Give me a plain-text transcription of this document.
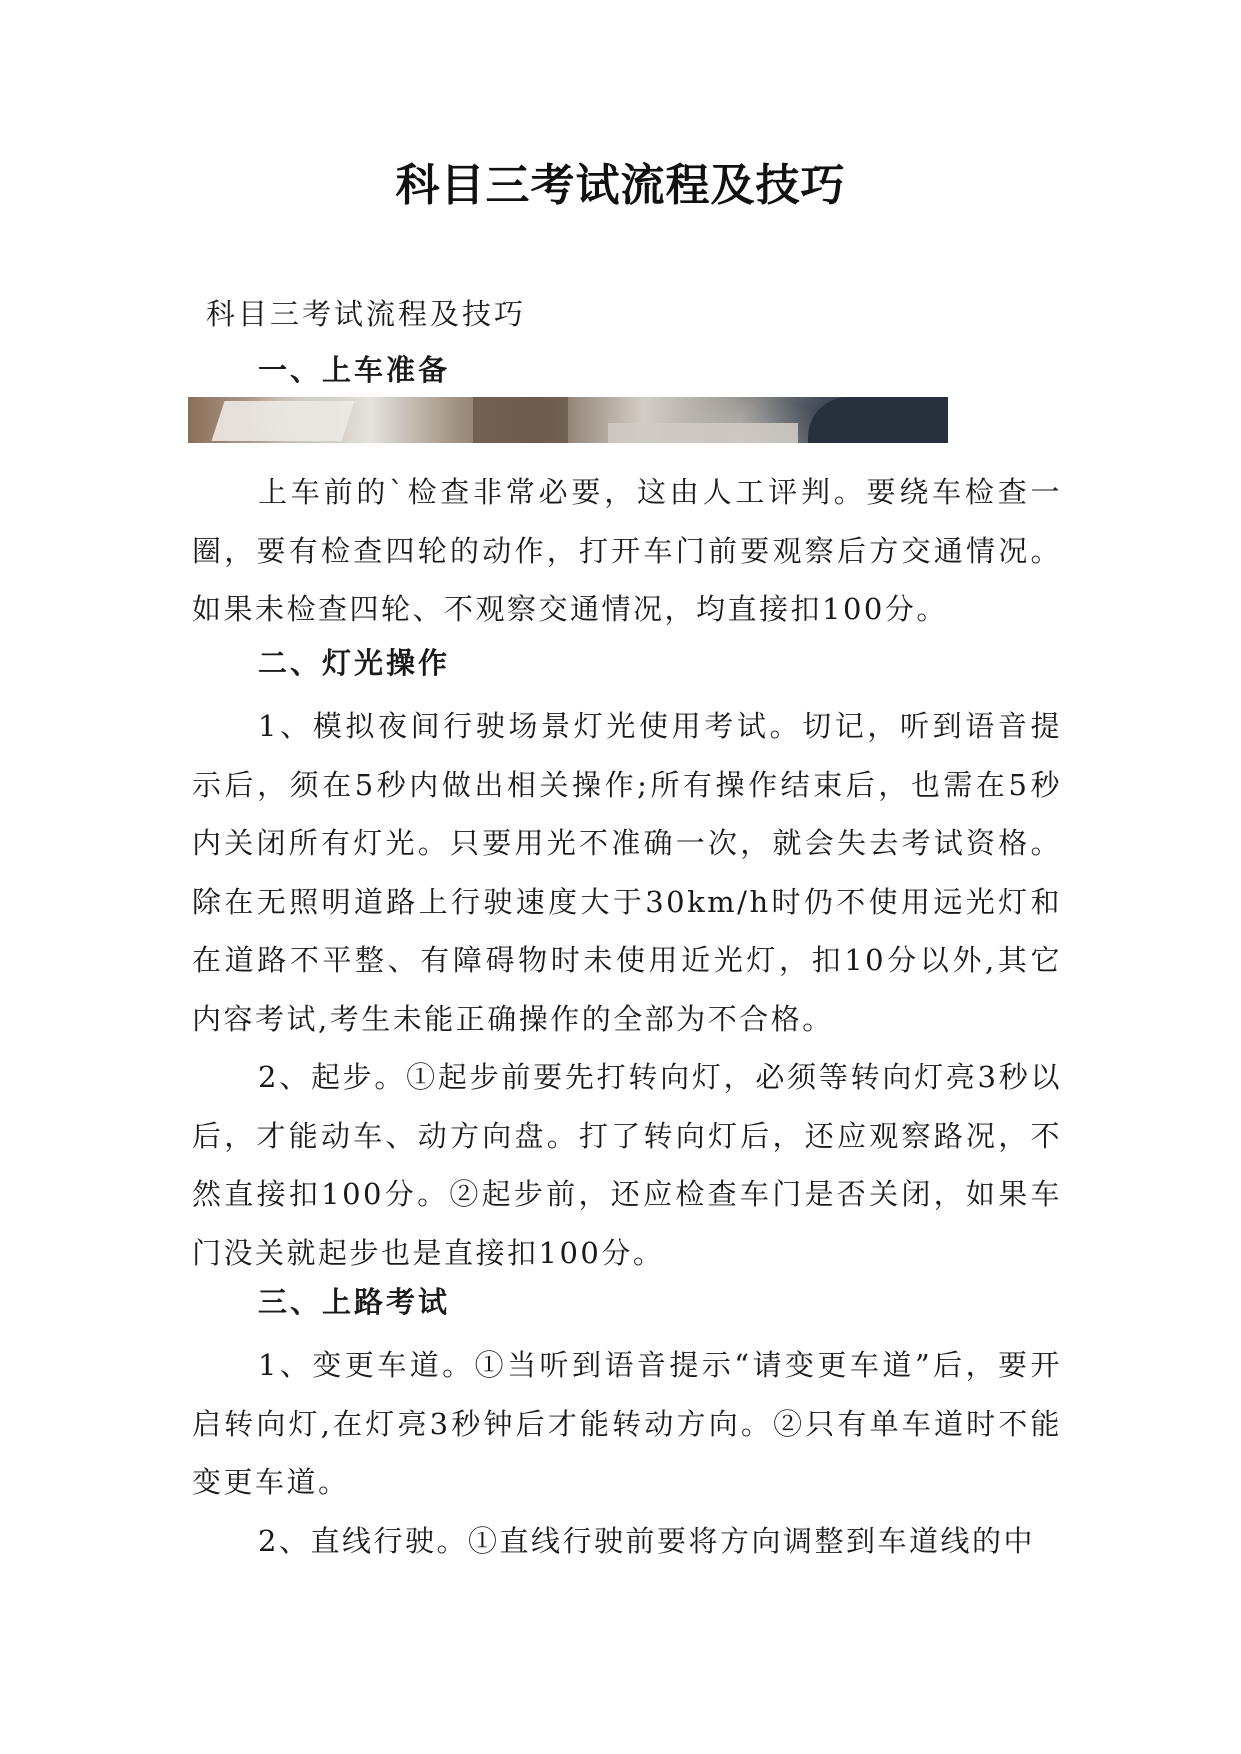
科目三考试流程及技巧

科目三考试流程及技巧

一、上车准备

上车前的`检查非常必要，这由人工评判。要绕车检查一圈，要有检查四轮的动作，打开车门前要观察后方交通情况。如果未检查四轮、不观察交通情况，均直接扣100分。

二、灯光操作

1、模拟夜间行驶场景灯光使用考试。切记，听到语音提示后，须在5秒内做出相关操作;所有操作结束后，也需在5秒内关闭所有灯光。只要用光不准确一次，就会失去考试资格。除在无照明道路上行驶速度大于30km/h时仍不使用远光灯和在道路不平整、有障碍物时未使用近光灯，扣10分以外,其它内容考试,考生未能正确操作的全部为不合格。

2、起步。①起步前要先打转向灯，必须等转向灯亮3秒以后，才能动车、动方向盘。打了转向灯后，还应观察路况，不然直接扣100分。②起步前，还应检查车门是否关闭，如果车门没关就起步也是直接扣100分。

三、上路考试

1、变更车道。①当听到语音提示“请变更车道”后，要开启转向灯,在灯亮3秒钟后才能转动方向。②只有单车道时不能变更车道。

2、直线行驶。①直线行驶前要将方向调整到车道线的中
